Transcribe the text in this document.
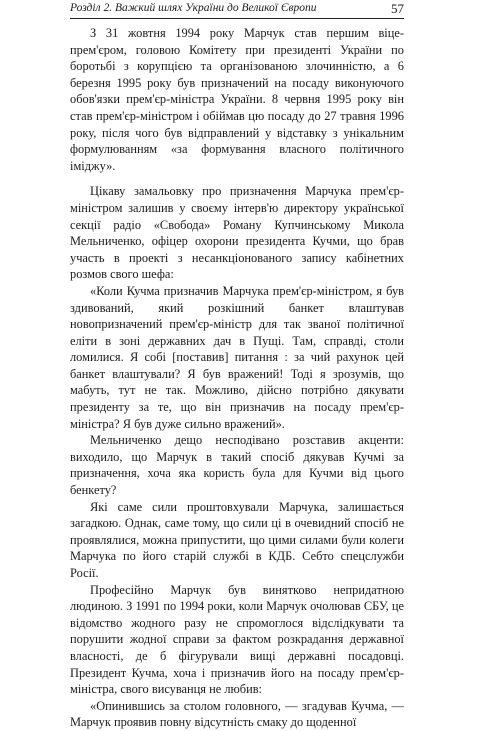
Розділ 2. Важкий шлях України до Великої Європи	57

З 31 жовтня 1994 року Марчук став першим віце-прем'єром, головою Комітету при президенті України по боротьбі з корупцією та організованою злочинністю, а 6 березня 1995 року був призначений на посаду виконуючого обов'язки прем'єр-міністра України. 8 червня 1995 року він став прем'єр-міністром і обіймав цю посаду до 27 травня 1996 року, після чого був відправлений у відставку з унікальним формулюванням «за формування власного політичного іміджу».

Цікаву замальовку про призначення Марчука прем'єр-міністром залишив у своєму інтерв'ю директору української секції радіо «Свобода» Роману Купчинському Микола Мельниченко, офіцер охорони президента Кучми, що брав участь в проекті з несанкціонованого запису кабінетних розмов свого шефа:

«Коли Кучма призначив Марчука прем'єр-міністром, я був здивований, який розкішний банкет влаштував новопризначений прем'єр-міністр для так званої політичної еліти в зоні державних дач в Пущі. Там, справді, столи ломилися. Я собі [поставив] питання : за чий рахунок цей банкет влаштували? Я був вражений! Тоді я зрозумів, що мабуть, тут не так. Можливо, дійсно потрібно дякувати президенту за те, що він призначив на посаду прем'єр-міністра? Я був дуже сильно вражений».

Мельниченко дещо несподівано розставив акценти: виходило, що Марчук в такий спосіб дякував Кучмі за призначення, хоча яка користь була для Кучми від цього бенкету?

Які саме сили проштовхували Марчука, залишається загадкою. Однак, саме тому, що сили ці в очевидний спосіб не проявлялися, можна припустити, що цими силами були колеги Марчука по його старій службі в КДБ. Себто спецслужби Росії.

Професійно Марчук був винятково непридатною людиною. З 1991 по 1994 роки, коли Марчук очолював СБУ, це відомство жодного разу не спромоглося відслідкувати та порушити жодної справи за фактом розкрадання державної власності, де б фігурували вищі державні посадовці. Президент Кучма, хоча і призначив його на посаду прем'єр-міністра, свого висуванця не любив:

«Опинившись за столом головного, — згадував Кучма, — Марчук проявив повну відсутність смаку до щоденної
